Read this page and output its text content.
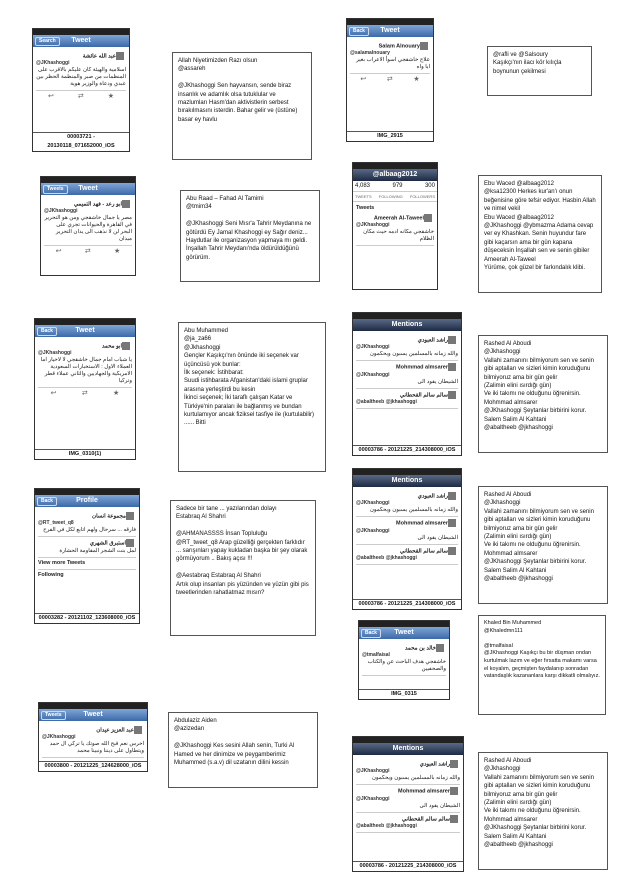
Search	Tweet
عبد الله عائشة
@JKhashoggi
اسلامية والهيئة كان عليكم بالاقرب على المنظمات من صبر والمنظمة الحظر بين عبدي ودعاة والوزير هوية
↩	⇄	★
00003721 - 20130118_071652000_iOS
Allah Niyetimizden Razı olsun
@assareh

@JKhashoggi Sen hayvansın, sende biraz insanlık ve adamlık olsa tutuklular ve mazlumları Hasm'dan aktivistlerin serbest bırakılmasını isterdin. Bahar gelir ve (üstüne) basar ey havlu
Back	Tweet
Salam Alnouary
@salamalnouary
علاج خاشقجي اسوأ الاعراب بغير ايا واه
↩	⇄	★
IMG_2915
@rafli ve @Salsoury
Kaşıkçı'nın ilacı kör kılıçla boynunun çekilmesi
Tweets	Tweet
ابو رعد - فهد التميمي
@JKhashoggi
مصر يا جمال خاشقجي ومن هو التحرير في القاهرة والحيوانات تجري على البحر لن لا نذهب الى يدان التحرير ميدان
↩	⇄	★
Abu Raad – Fahad Al Tamimi
@tmim34

@JKhashoggi Seni Mısr'a Tahrir Meydanına ne götürdü Ey Jamal Khashoggi ey Sağır deniz... Haydutlar ile organizasyon yapmaya mı geldi. İnşallah Tahrir Meydanı'nda öldürüldüğünü görürüm.
@albaag2012
4,083	979	300
TWEETS FOLLOWING FOLLOWERS
Tweets
Ameerah Al-Taweel
@JKhashoggi
خاشقجي مكانه ادمه حيث مكان الظلام
Ebu Waced @albaag2012
@ksa12300 Herkes kur'an'ı onun beğenisine göre tefsir ediyor. Hasbin Allah ve nimel vekil
Ebu Waced @albaag2012
@JKhashoggi @ybmazma Adama cevap ver ey Khashkan. Senin huyundur fare gibi kaçarsın ama bir gün kapana düşeceksin İnşallah sen ve senin gibiler
Ameerah Al-Taweel
Yürüme, çok güzel bir farkındalık klibi.
Back	Tweet
ابو محمد
@JKhashoggi
يا شباب امام جمال خاشقجي لا لاخيار اما العملاء الاول : الاستخبارات السعودية الامريكية والجهاديين والثاني عملاء قطر وتركيا
↩	⇄	★
IMG_0310(1)
Abu Muhammed
@ja_za66
@Jkhashoggi
Gençler Kaşıkçı'nın önünde iki seçenek var üçüncüsü yok bunlar:
İlk seçenek: İstihbarat:
Suudi istihbarata Afganistan'daki islami gruplar arasına yerleştirdi bu kesin
İkinci seçenek; İki taraflı çalışan Katar ve Türkiye'nin paraları ile bağlanmış ve bundan kurtulamıyor ancak fiziksel tasfiye ile (kurtulabilir) ...... Bitti
Mentions
راشد العبودي
@JKhashoggi
والله زمانه بالمسلمين يسبون ويحكمون
Mohmmad almsarer
@JKhashoggi
الشيطان يقود الى
سالم سالم القحطاني
@abaltheeb @jkhashoggi
00003786 - 20121225_214308000_iOS
Rashed Al Aboudi
@Jkhashoggi
Vallahi zamanını bilmiyorum sen ve senin gibi aptalları ve sizleri kimin koruduğunu bilmiyoruz ama bir gün gelir
(Zalimin elini ısırdığı gün)
Ve iki takımı ne olduğunu öğrenirsin.
Mohmmad almsarer
@JKhashoggi Şeytanlar birbirini korur.
Salem Salim Al Kahtani
@abaltheeb @jkhashoggi
Back	Profile
مجموعة انسان
@RT_tweet_q8
فارقه ... سرحال ولهم اتابع لكل في الفرح
استبرق الشهري
لمل بنت الشجر المقاومة الحشارة
View more Tweets
Following
00003282 - 20121102_123608000_iOS
Sadece bir tane ... yazılarından dolayı
Estabraq Al Shahri

@AHMANASSSS İnsan Topluluğu
@RT_tweet_q8 Arap güzelliği gerçekten farklıdır ... sarışınları yapay kukladan başka bir şey olarak görmüyorum .. Bakış açısı !!!

@Aestabraq Estabraq Al Shahri
Artık olup insanları pis yüzünden ve yüzün gibi pis tweetlerinden rahatlatmaz mısın?
Mentions
راشد العبودي
@JKhashoggi
والله زمانه بالمسلمين يسبون ويحكمون
Mohmmad almsarer
@JKhashoggi
الشيطان يقود الى
سالم سالم القحطاني
@abaltheeb @jkhashoggi
00003786 - 20121225_214308000_iOS
Rashed Al Aboudi
@Jkhashoggi
Vallahi zamanını bilmiyorum sen ve senin gibi aptalları ve sizleri kimin koruduğunu bilmiyoruz ama bir gün gelir
(Zalimin elini ısırdığı gün)
Ve iki takımı ne olduğunu öğrenirsin.
Mohmmad almsarer
@JKhashoggi Şeytanlar birbirini korur.
Salem Salim Al Kahtani
@abaltheeb @jkhashoggi
Tweets	Tweet
عبد العزيز عيدان
@JKhashoggi
اخرس نعم قبح الله صوتك يا تركي ال حمد ويتطاول على ديننا ونبينا محمد
00003800 - 20121225_124628000_iOS
Abdulaziz Aiden
@azizedan

@JKhashoggi Kes sesini Allah senin, Turki Al Hamed ve her dinimize ve peygamberimiz Muhammed (s.a.v) dil uzatanın dilini kessin
Back	Tweet
خالد بن محمد
@tmalfaisal
خاشقجي هدف الباحث عن والكتاب والصحفيين
IMG_0315
Khaled Bin Muhammed
@Khaledmn111

@tmalfaisal
@JKhashoggi Kaşıkçı bu bir düşman ondan kurtulmak lazım ve eğer fırsatta makamı varsa el koyalım, geçmişten faydalanıp sonradan vatandaşlık kazananlara karşı dikkatli olmalıyız.
Mentions
راشد العبودي
@JKhashoggi
والله زمانه بالمسلمين يسبون ويحكمون
Mohmmad almsarer
@JKhashoggi
الشيطان يقود الى
سالم سالم القحطاني
@abaltheeb @jkhashoggi
00003786 - 20121225_214308000_iOS
Rashed Al Aboudi
@Jkhashoggi
Vallahi zamanını bilmiyorum sen ve senin gibi aptalları ve sizleri kimin koruduğunu bilmiyoruz ama bir gün gelir
(Zalimin elini ısırdığı gün)
Ve iki takımı ne olduğunu öğrenirsin.
Mohmmad almsarer
@JKhashoggi Şeytanlar birbirini korur.
Salem Salim Al Kahtani
@abaltheeb @jkhashoggi
